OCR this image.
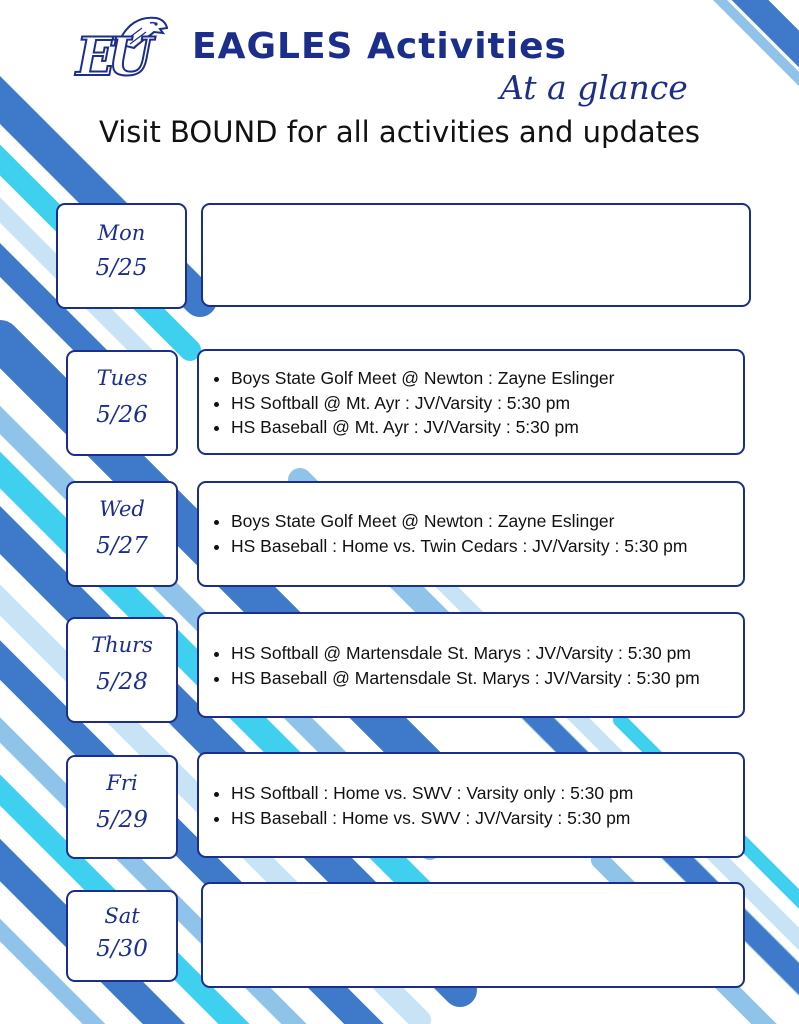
EU EAGLES Activities
At a glance
Visit BOUND for all activities and updates
Mon
5/25
Tues
5/26
• Boys State Golf Meet @ Newton : Zayne Eslinger
• HS Softball @ Mt. Ayr : JV/Varsity : 5:30 pm
• HS Baseball @ Mt. Ayr : JV/Varsity : 5:30 pm
Wed
5/27
• Boys State Golf Meet @ Newton : Zayne Eslinger
• HS Baseball : Home vs. Twin Cedars : JV/Varsity : 5:30 pm
Thurs
5/28
• HS Softball @ Martensdale St. Marys : JV/Varsity : 5:30 pm
• HS Baseball @ Martensdale St. Marys : JV/Varsity : 5:30 pm
Fri
5/29
• HS Softball : Home vs. SWV : Varsity only : 5:30 pm
• HS Baseball : Home vs. SWV : JV/Varsity : 5:30 pm
Sat
5/30
